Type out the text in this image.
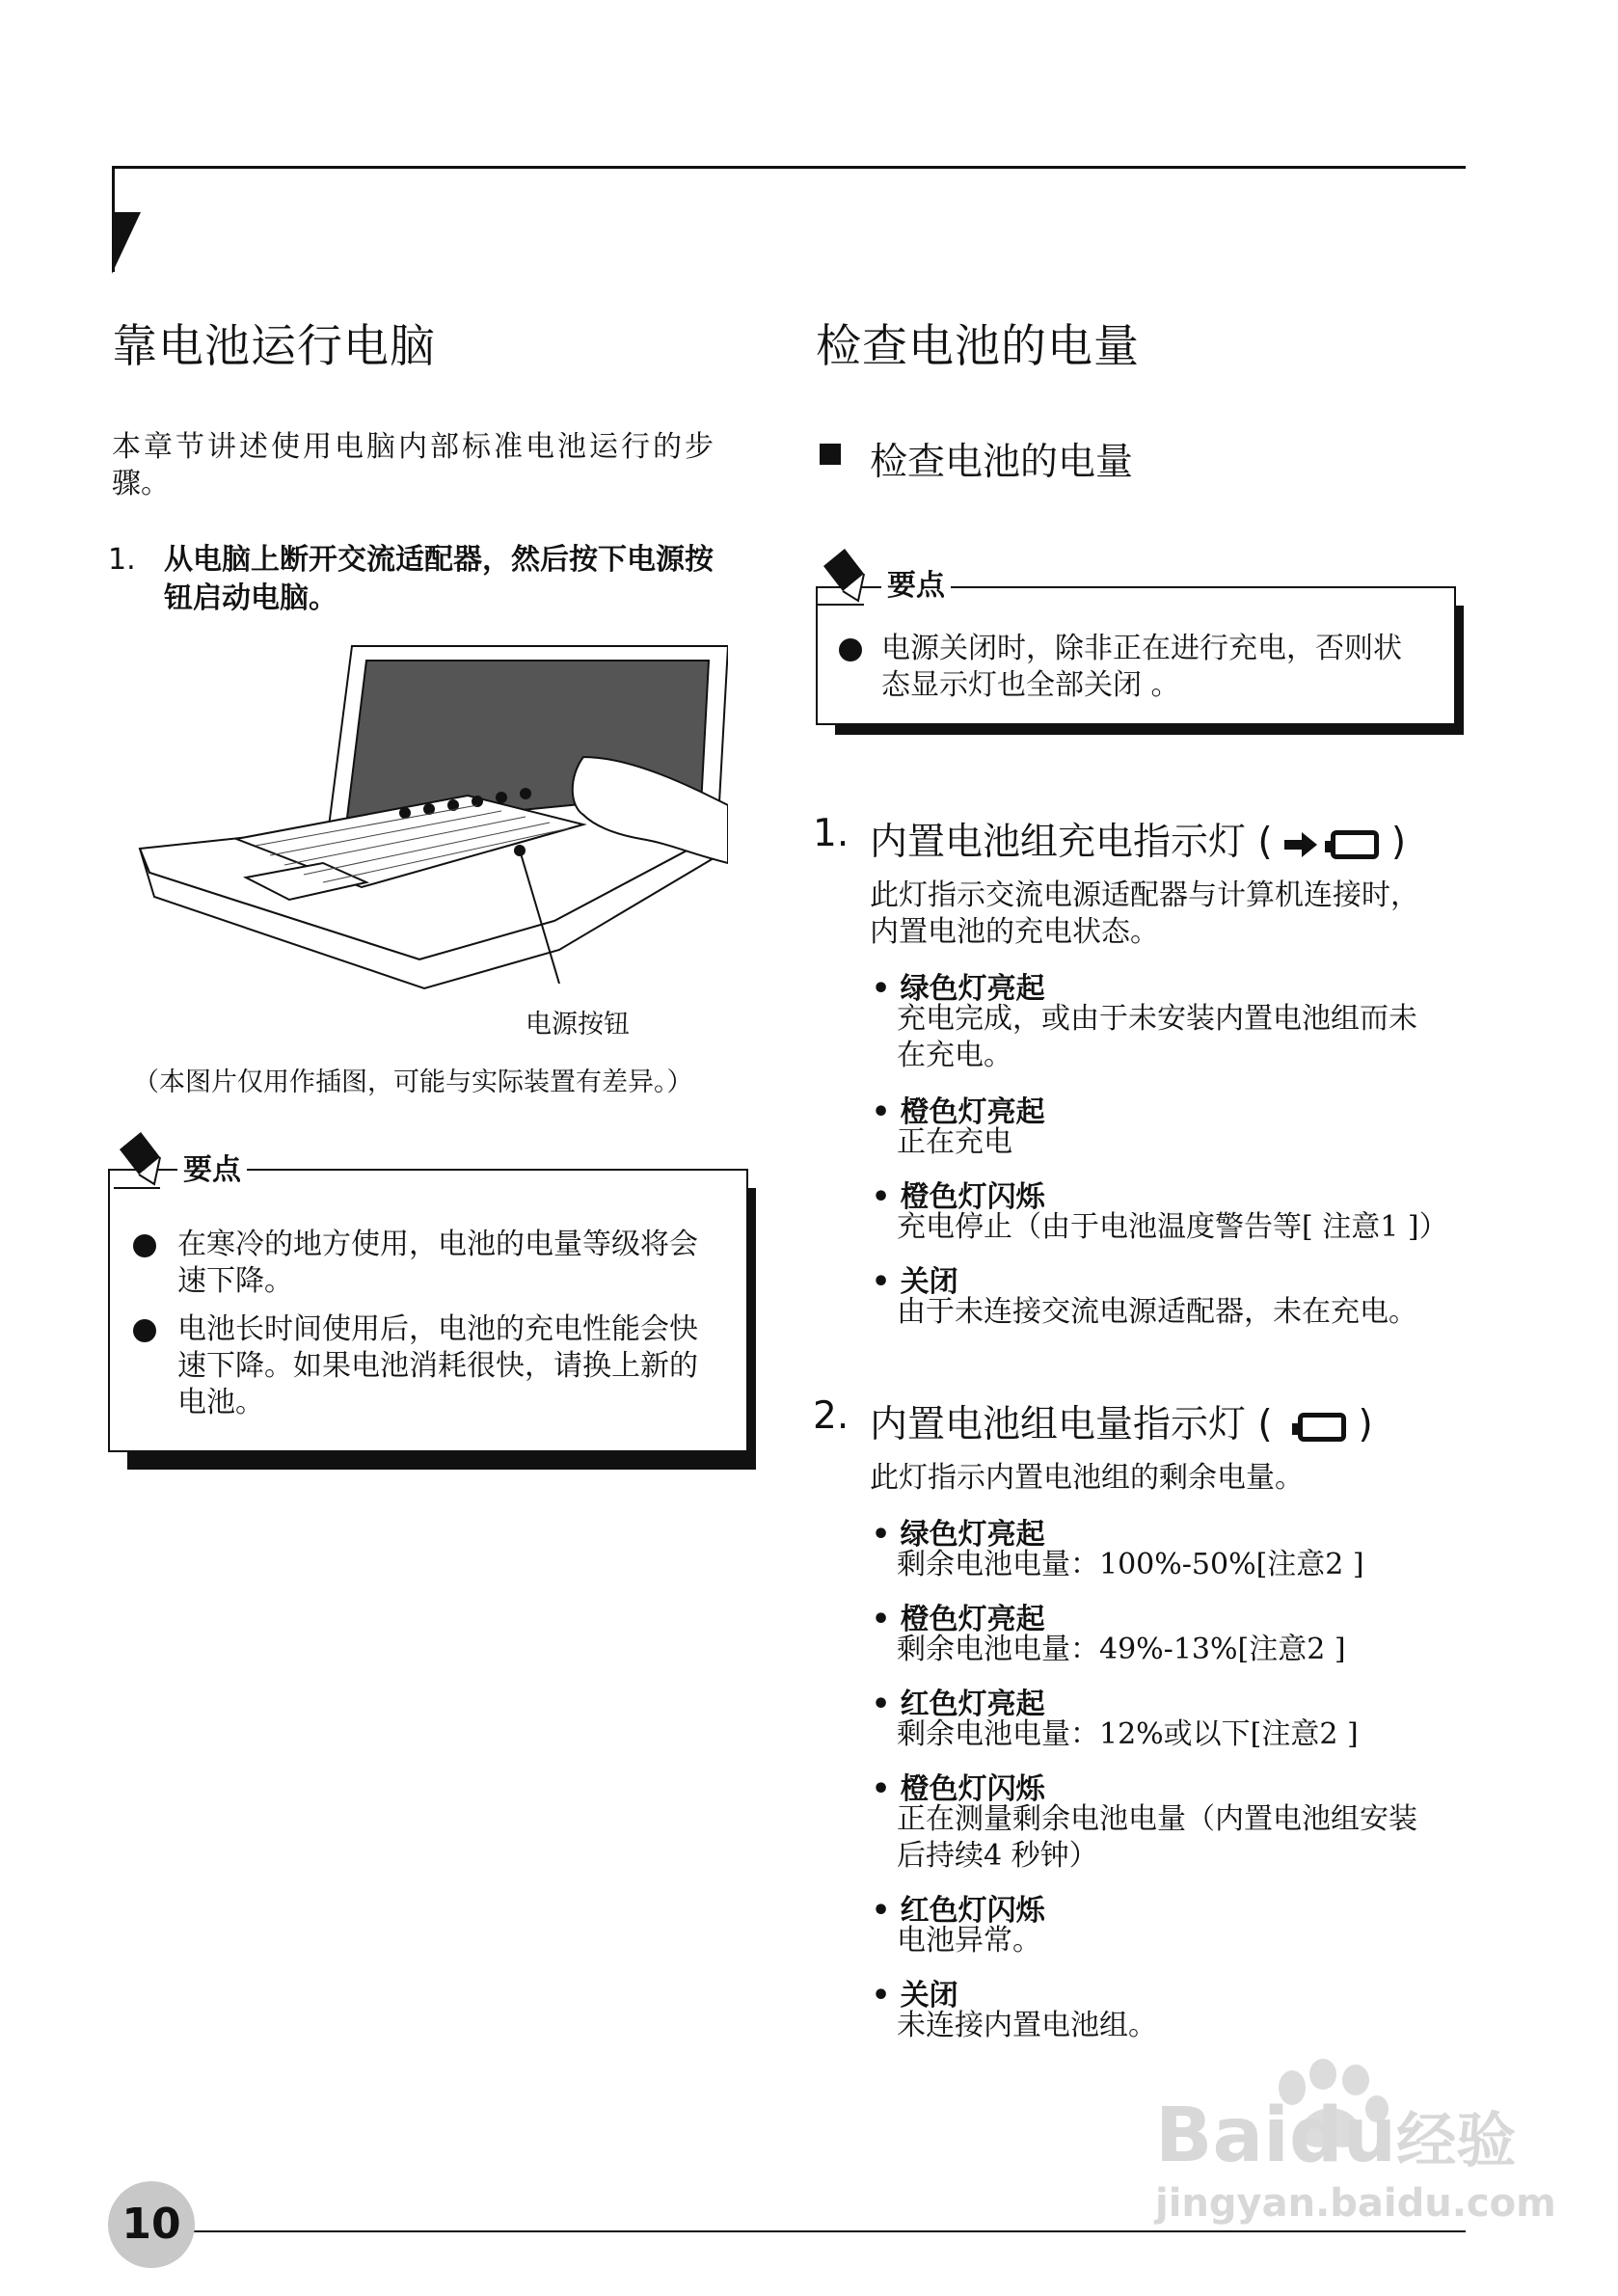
靠电池运行电脑
本章节讲述使用电脑内部标准电池运行的步
骤。
1. 从电脑上断开交流适配器，然后按下电源按
钮启动电脑。
电源按钮
（本图片仅用作插图，可能与实际装置有差异。）
要点
在寒冷的地方使用，电池的电量等级将会
速下降。
电池长时间使用后，电池的充电性能会快
速下降。如果电池消耗很快，请换上新的
电池。
检查电池的电量
检查电池的电量
要点
电源关闭时，除非正在进行充电，否则状
态显示灯也全部关闭 。
1. 内置电池组充电指示灯 (	)
此灯指示交流电源适配器与计算机连接时，
内置电池的充电状态。
• 绿色灯亮起
充电完成，或由于未安装内置电池组而未
在充电。
• 橙色灯亮起
正在充电
• 橙色灯闪烁
充电停止（由于电池温度警告等[ 注意1 ]）
• 关闭
由于未连接交流电源适配器，未在充电。
2. 内置电池组电量指示灯 ( )
此灯指示内置电池组的剩余电量。
• 绿色灯亮起
剩余电池电量：100%-50%[注意2 ]
• 橙色灯亮起
剩余电池电量：49%-13%[注意2 ]
• 红色灯亮起
剩余电池电量：12%或以下[注意2 ]
• 橙色灯闪烁
正在测量剩余电池电量（内置电池组安装
后持续4 秒钟）
• 红色灯闪烁
电池异常。
• 关闭
未连接内置电池组。
Baidu经验
jingyan.baidu.com
10
